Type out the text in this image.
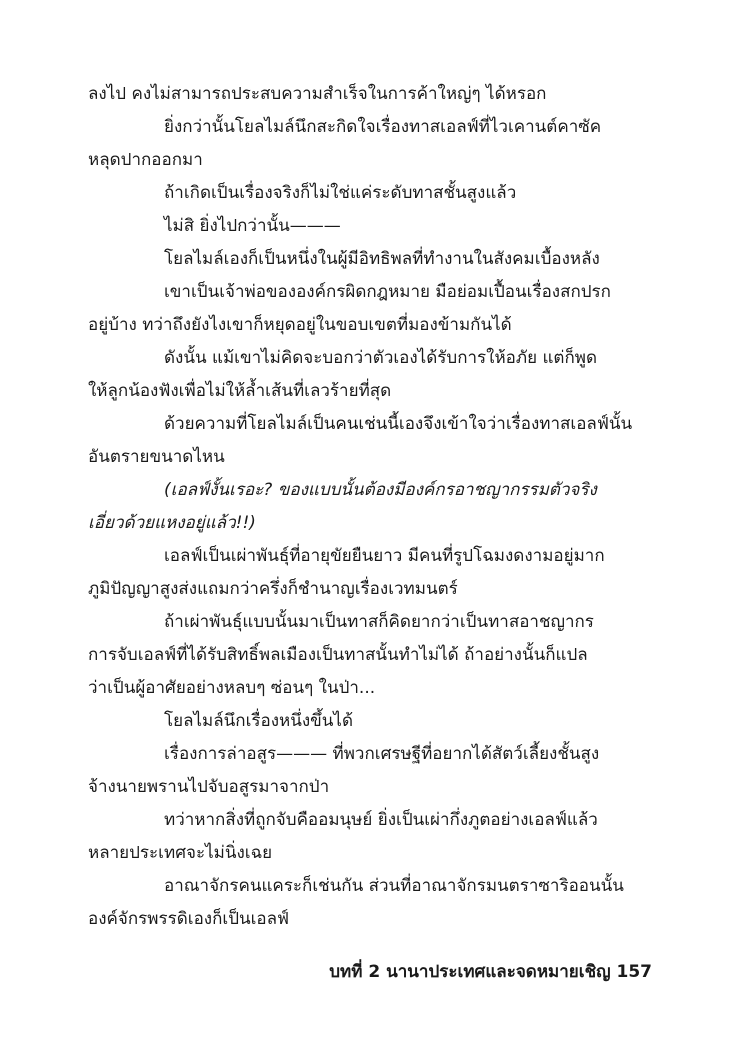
ลงไป คงไม่สามารถประสบความสำเร็จในการค้าใหญ่ๆ ได้หรอก
ยิ่งกว่านั้นโยลไมล์นึกสะกิดใจเรื่องทาสเอลฟ์ที่ไวเคานต์คาซัค
หลุดปากออกมา
ถ้าเกิดเป็นเรื่องจริงก็ไม่ใช่แค่ระดับทาสชั้นสูงแล้ว
ไม่สิ ยิ่งไปกว่านั้น———
โยลไมล์เองก็เป็นหนึ่งในผู้มีอิทธิพลที่ทำงานในสังคมเบื้องหลัง
เขาเป็นเจ้าพ่อขององค์กรผิดกฎหมาย มือย่อมเปื้อนเรื่องสกปรก
อยู่บ้าง ทว่าถึงยังไงเขาก็หยุดอยู่ในขอบเขตที่มองข้ามกันได้
ดังนั้น แม้เขาไม่คิดจะบอกว่าตัวเองได้รับการให้อภัย แต่ก็พูด
ให้ลูกน้องฟังเพื่อไม่ให้ล้ำเส้นที่เลวร้ายที่สุด
ด้วยความที่โยลไมล์เป็นคนเช่นนี้เองจึงเข้าใจว่าเรื่องทาสเอลฟ์นั้น
อันตรายขนาดไหน
(เอลฟ์งั้นเรอะ? ของแบบนั้นต้องมีองค์กรอาชญากรรมตัวจริง
เอี่ยวด้วยแหงอยู่แล้ว!!)
เอลฟ์เป็นเผ่าพันธุ์ที่อายุขัยยืนยาว มีคนที่รูปโฉมงดงามอยู่มาก
ภูมิปัญญาสูงส่งแถมกว่าครึ่งก็ชำนาญเรื่องเวทมนตร์
ถ้าเผ่าพันธุ์แบบนั้นมาเป็นทาสก็คิดยากว่าเป็นทาสอาชญากร
การจับเอลฟ์ที่ได้รับสิทธิ์พลเมืองเป็นทาสนั้นทำไม่ได้ ถ้าอย่างนั้นก็แปล
ว่าเป็นผู้อาศัยอย่างหลบๆ ซ่อนๆ ในป่า...
โยลไมล์นึกเรื่องหนึ่งขึ้นได้
เรื่องการล่าอสูร——— ที่พวกเศรษฐีที่อยากได้สัตว์เลี้ยงชั้นสูง
จ้างนายพรานไปจับอสูรมาจากป่า
ทว่าหากสิ่งที่ถูกจับคืออมนุษย์ ยิ่งเป็นเผ่ากึ่งภูตอย่างเอลฟ์แล้ว
หลายประเทศจะไม่นิ่งเฉย
อาณาจักรคนแคระก็เช่นกัน ส่วนที่อาณาจักรมนตราซาริออนนั้น
องค์จักรพรรดิเองก็เป็นเอลฟ์
บทที่ 2 นานาประเทศและจดหมายเชิญ 157
